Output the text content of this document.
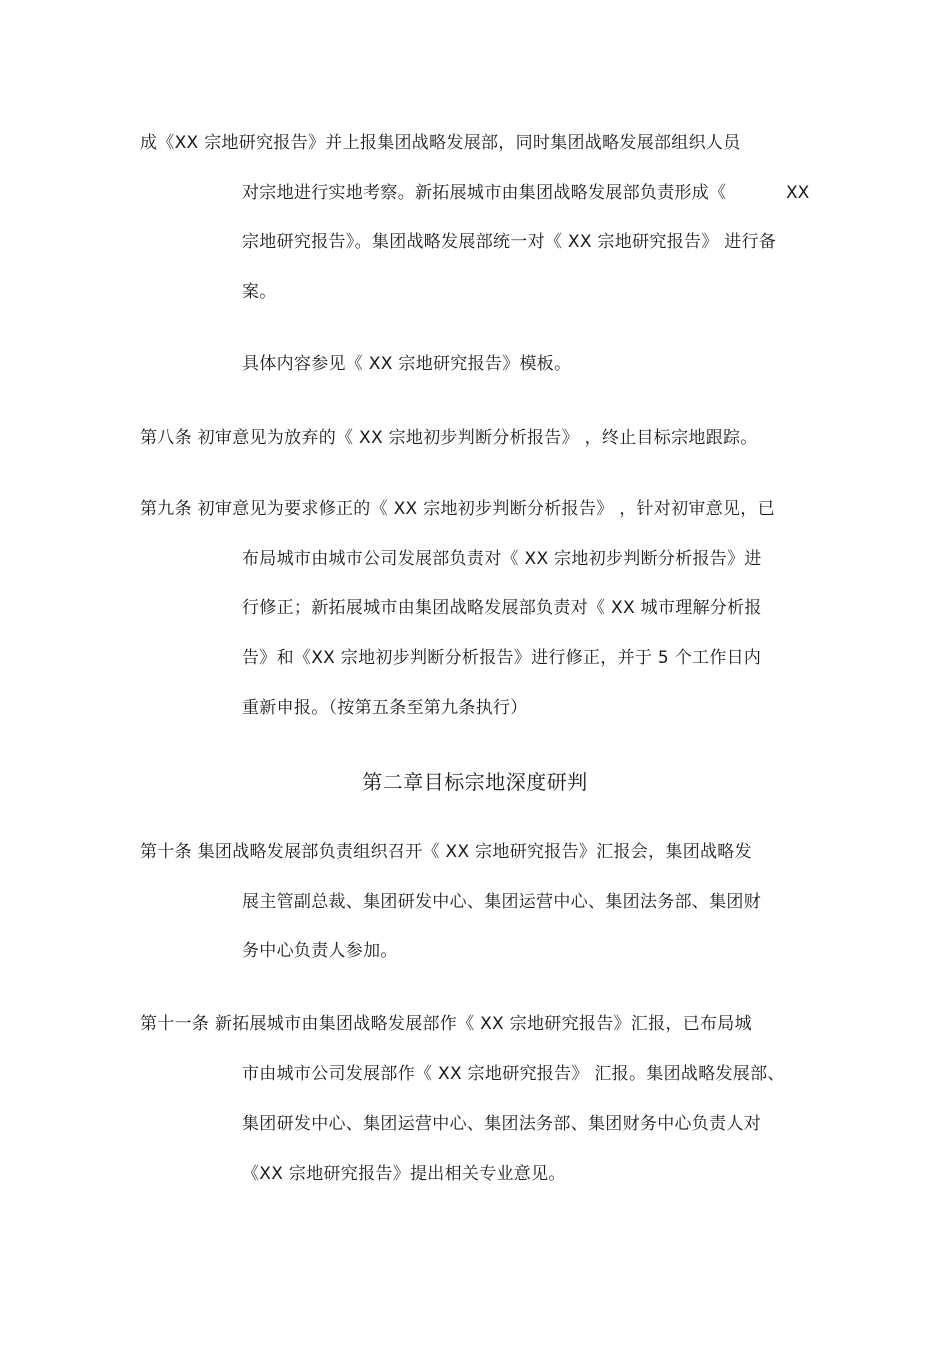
成《XX 宗地研究报告》并上报集团战略发展部，同时集团战略发展部组织人员
对宗地进行实地考察。新拓展城市由集团战略发展部负责形成《	XX
宗地研究报告》。集团战略发展部统一对《 XX 宗地研究报告》 进行备
案。
具体内容参见《 XX 宗地研究报告》模板。
第八条 初审意见为放弃的《 XX 宗地初步判断分析报告》 ，终止目标宗地跟踪。
第九条 初审意见为要求修正的《 XX 宗地初步判断分析报告》 ，针对初审意见，已
布局城市由城市公司发展部负责对《 XX 宗地初步判断分析报告》进
行修正；新拓展城市由集团战略发展部负责对《 XX 城市理解分析报
告》和《XX 宗地初步判断分析报告》进行修正，并于 5 个工作日内
重新申报。（按第五条至第九条执行）
第二章目标宗地深度研判
第十条 集团战略发展部负责组织召开《 XX 宗地研究报告》汇报会，集团战略发
展主管副总裁、集团研发中心、集团运营中心、集团法务部、集团财
务中心负责人参加。
第十一条 新拓展城市由集团战略发展部作《 XX 宗地研究报告》汇报，已布局城
市由城市公司发展部作《 XX 宗地研究报告》 汇报。集团战略发展部、
集团研发中心、集团运营中心、集团法务部、集团财务中心负责人对
《XX 宗地研究报告》提出相关专业意见。
